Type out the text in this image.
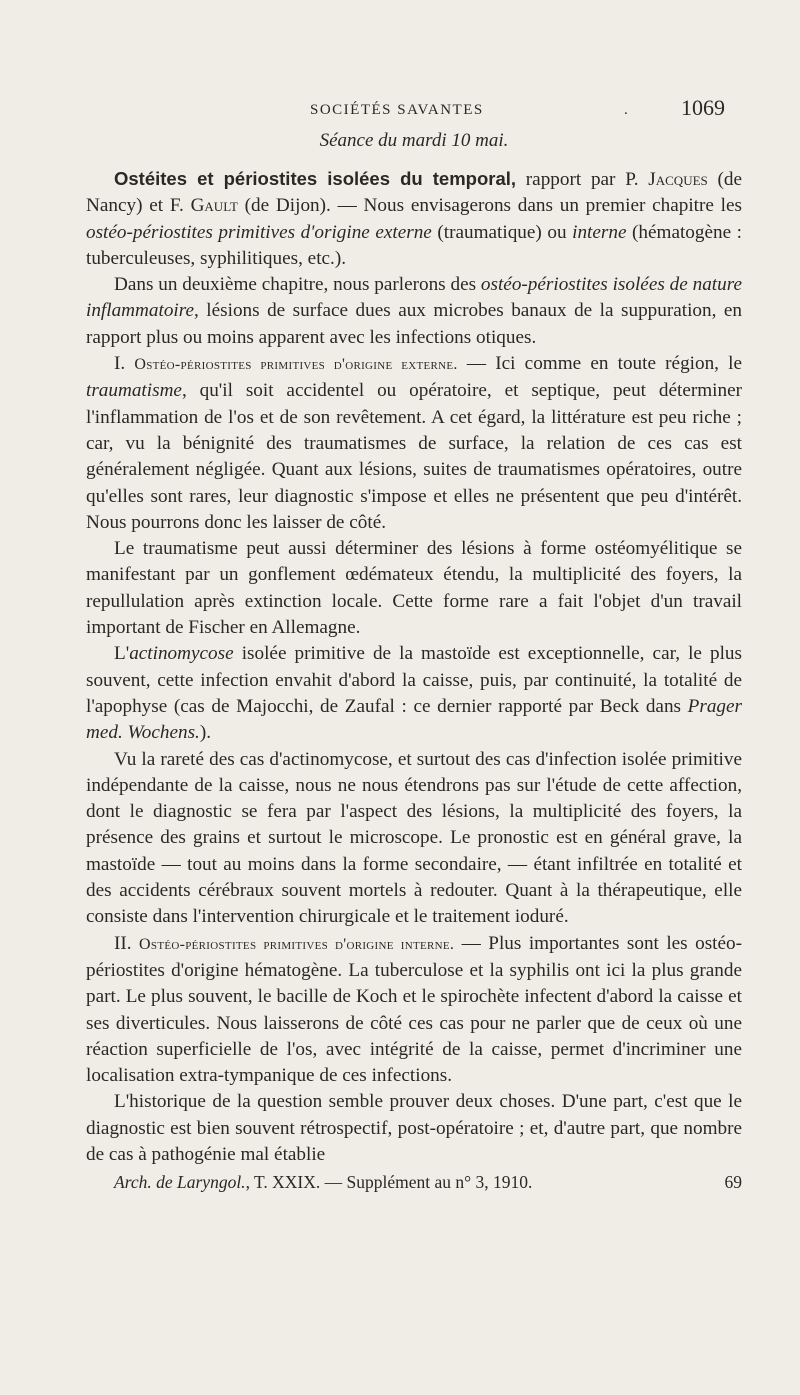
SOCIÉTÉS SAVANTES	. 1069
Séance du mardi 10 mai.

Ostéites et périostites isolées du temporal, rapport par P. Jacques (de Nancy) et F. Gault (de Dijon). — Nous envisagerons dans un premier chapitre les ostéo-périostites primitives d'origine externe (traumatique) ou interne (hématogène : tuberculeuses, syphilitiques, etc.).

Dans un deuxième chapitre, nous parlerons des ostéo-périostites isolées de nature inflammatoire, lésions de surface dues aux microbes banaux de la suppuration, en rapport plus ou moins apparent avec les infections otiques.

I. Ostéo-périostites primitives d'origine externe. — Ici comme en toute région, le traumatisme, qu'il soit accidentel ou opératoire, et septique, peut déterminer l'inflammation de l'os et de son revêtement. A cet égard, la littérature est peu riche ; car, vu la bénignité des traumatismes de surface, la relation de ces cas est généralement négligée. Quant aux lésions, suites de traumatismes opératoires, outre qu'elles sont rares, leur diagnostic s'impose et elles ne présentent que peu d'intérêt. Nous pourrons donc les laisser de côté.

Le traumatisme peut aussi déterminer des lésions à forme ostéomyélitique se manifestant par un gonflement œdémateux étendu, la multiplicité des foyers, la repullulation après extinction locale. Cette forme rare a fait l'objet d'un travail important de Fischer en Allemagne.

L'actinomycose isolée primitive de la mastoïde est exceptionnelle, car, le plus souvent, cette infection envahit d'abord la caisse, puis, par continuité, la totalité de l'apophyse (cas de Majocchi, de Zaufal : ce dernier rapporté par Beck dans Prager med. Wochens.).

Vu la rareté des cas d'actinomycose, et surtout des cas d'infection isolée primitive indépendante de la caisse, nous ne nous étendrons pas sur l'étude de cette affection, dont le diagnostic se fera par l'aspect des lésions, la multiplicité des foyers, la présence des grains et surtout le microscope. Le pronostic est en général grave, la mastoïde — tout au moins dans la forme secondaire, — étant infiltrée en totalité et des accidents cérébraux souvent mortels à redouter. Quant à la thérapeutique, elle consiste dans l'intervention chirurgicale et le traitement ioduré.

II. Ostéo-périostites primitives d'origine interne. — Plus importantes sont les ostéo-périostites d'origine hématogène. La tuberculose et la syphilis ont ici la plus grande part. Le plus souvent, le bacille de Koch et le spirochète infectent d'abord la caisse et ses diverticules. Nous laisserons de côté ces cas pour ne parler que de ceux où une réaction superficielle de l'os, avec intégrité de la caisse, permet d'incriminer une localisation extra-tympanique de ces infections.

L'historique de la question semble prouver deux choses. D'une part, c'est que le diagnostic est bien souvent rétrospectif, post-opératoire ; et, d'autre part, que nombre de cas à pathogénie mal établie

Arch. de Laryngol., T. XXIX. — Supplément au n° 3, 1910.	69
